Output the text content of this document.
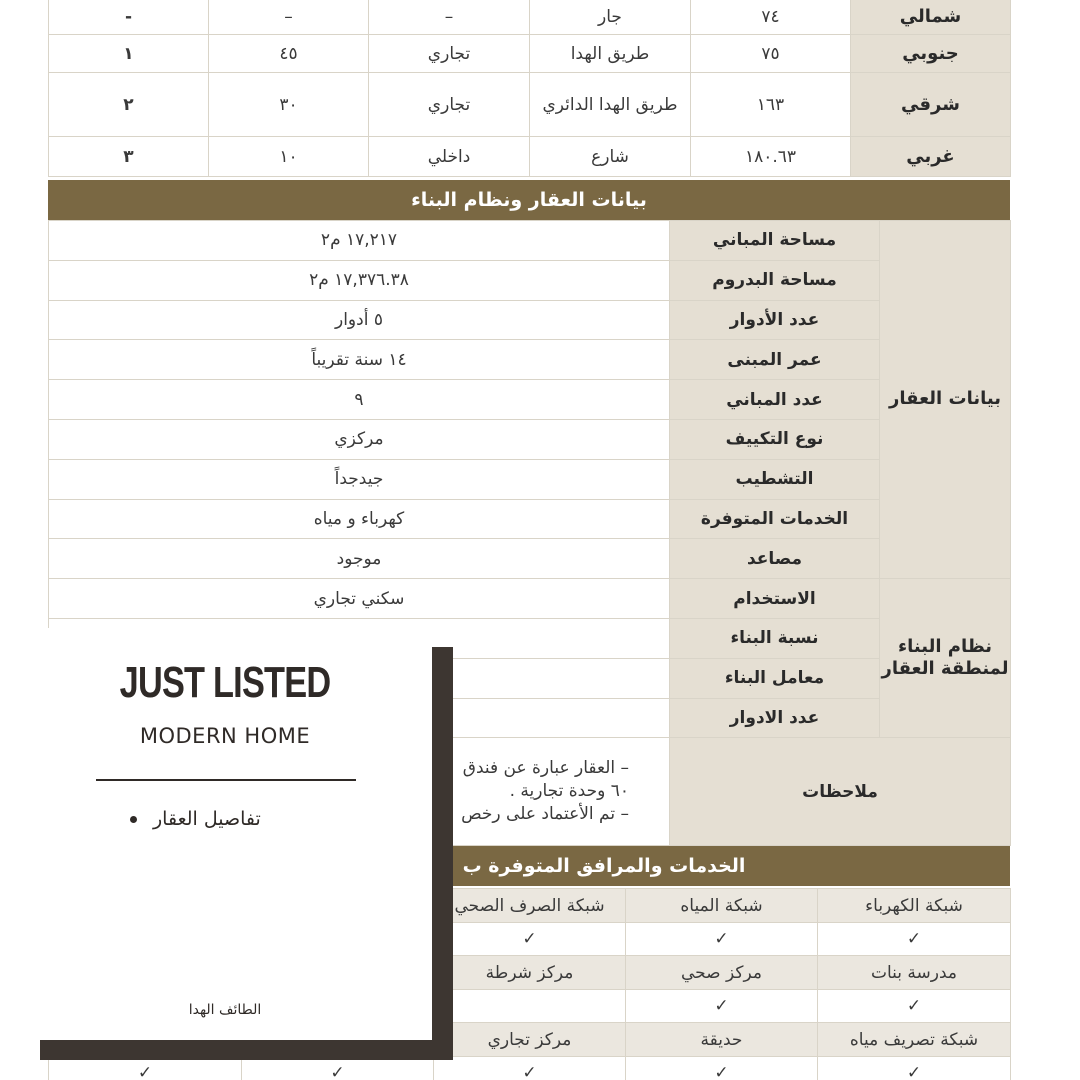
شمالي	٧٤	جار	–	–	-
جنوبي	٧٥	طريق الهدا	تجاري	٤٥	١
شرقي	١٦٣	طريق الهدا الدائري	تجاري	٣٠	٢
غربي	١٨٠.٦٣	شارع	داخلي	١٠	٣
بيانات العقار ونظام البناء
بيانات العقار	مساحة المباني	١٧,٢١٧ م٢
	مساحة البدروم	١٧,٣٧٦.٣٨ م٢
	عدد الأدوار	٥ أدوار
	عمر المبنى	١٤ سنة تقريباً
	عدد المباني	٩
	نوع التكييف	مركزي
	التشطيب	جيدجداً
	الخدمات المتوفرة	كهرباء و مياه
	مصاعد	موجود
نظام البناء لمنطقة العقار	الاستخدام	سكني تجاري
	نسبة البناء	
	معامل البناء	
	عدد الادوار	
ملاحظات		– العقار عبارة عن فندق
٦٠ وحدة تجارية .
– تم الأعتماد على رخص
الخدمات والمرافق المتوفرة ب
شبكة الكهرباء	شبكة المياه	شبكة الصرف الصحي		
✓	✓	✓		
مدرسة بنات	مركز صحي	مركز شرطة		
✓	✓			
شبكة تصريف مياه	حديقة	مركز تجاري		
✓	✓	✓	✓	✓
JUST LISTED
MODERN HOME
تفاصيل العقار
الطائف الهدا
